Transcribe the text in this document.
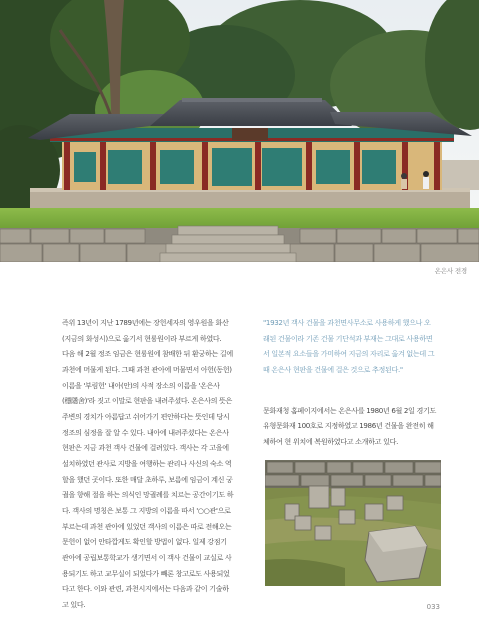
온은사 전경

즉위 13년이 지난 1789년에는 장헌세자의 영우원을 화산
(지금의 화성시)으로 옮기서 현륭원이라 부르게 하였다.
다음 해 2월 정조 임금은 현륭원에 참배한 뒤 환궁하는 길에
과천에 머물게 된다. 그때 과천 관아에 머물면서 아헌(동헌)
이름을 '부림헌' 내아(안)의 사적 장소의 이름을 '온은사
(穩隱舍)'라 짓고 이말로 현판을 내려주셨다. 온은사의 뜻은
주변의 경치가 아름답고 쉬어가기 편안하다는 뜻인데 당시
정조의 심정을 잘 알 수 있다. 내아에 내려주셨다는 온은사
현판은 지금 과천 객사 건물에 걸려있다. 객사는 각 고을에
설치하였던 관사로 지방을 여행하는 관리나 사신의 숙소 역
할을 했던 곳이다. 또한 매달 초하루, 보름에 임금이 계신 궁
궐을 향해 절을 하는 의식인 망궐례를 치르는 공간이기도 하
다. 객사의 명칭은 보통 그 지방의 이름을 따서 '○○관'으로
부르는데 과천 관아에 있었던 객사의 이름은 따로 전해오는
문헌이 없어 안타깝게도 확인할 방법이 없다. 일제 강점기
관아에 공립보통학교가 생기면서 이 객사 건물이 교실로 사
용되기도 하고 교무실이 되었다가 빼론 창고로도 사용되었
다고 한다. 이와 관련, 과천시지에서는 다음과 같이 기술하
고 있다.

"1932년 객사 건물을 과천면사무소로 사용하게 했으나 오
래된 건물이라 기존 건물 기단석과 부재는 그대로 사용하면
서 일본적 요소들을 가미하여 지금의 자리로 옮겨 없는데 그
때 온은사 현판을 건물에 걸은 것으로 추정된다."

문화재청 홈페이지에서는 온은사를 1980년 6월 2일 경기도
유형문화재 100호로 지정하였고 1986년 건물을 완전히 해
체하여 현 위치에 복원하였다고 소개하고 있다.

033
